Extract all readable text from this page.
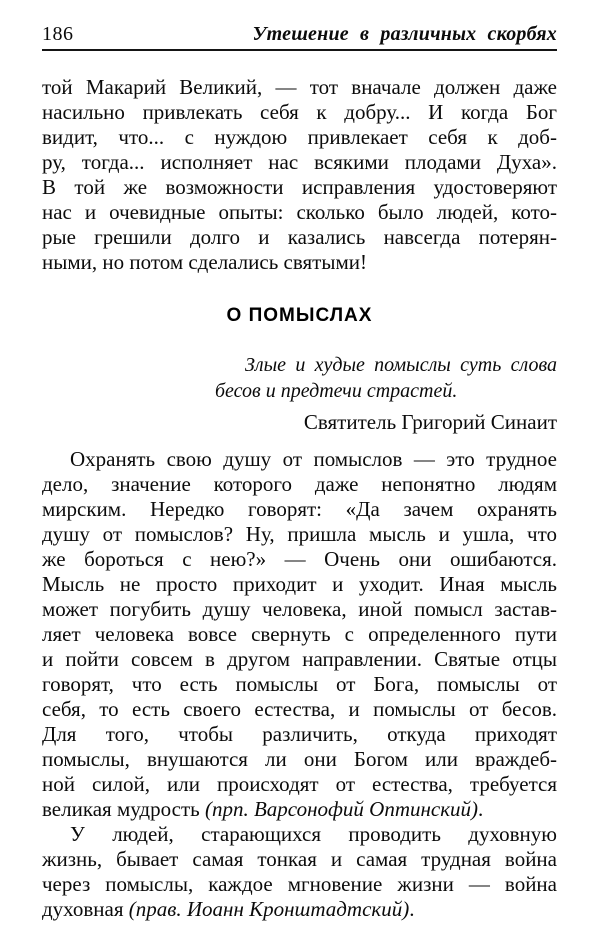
186	Утешение в различных скорбях
той Макарий Великий, — тот вначале должен даже
насильно привлекать себя к добру... И когда Бог
видит, что... с нуждою привлекает себя к доб-
ру, тогда... исполняет нас всякими плодами Духа».
В той же возможности исправления удостоверяют
нас и очевидные опыты: сколько было людей, кото-
рые грешили долго и казались навсегда потерян-
ными, но потом сделались святыми!
О ПОМЫСЛАХ
Злые и худые помыслы суть слова
бесов и предтечи страстей.
Святитель Григорий Синаит
Охранять свою душу от помыслов — это трудное
дело, значение которого даже непонятно людям
мирским. Нередко говорят: «Да зачем охранять
душу от помыслов? Ну, пришла мысль и ушла, что
же бороться с нею?» — Очень они ошибаются.
Мысль не просто приходит и уходит. Иная мысль
может погубить душу человека, иной помысл застав-
ляет человека вовсе свернуть с определенного пути
и пойти совсем в другом направлении. Святые отцы
говорят, что есть помыслы от Бога, помыслы от
себя, то есть своего естества, и помыслы от бесов.
Для того, чтобы различить, откуда приходят
помыслы, внушаются ли они Богом или враждеб-
ной силой, или происходят от естества, требуется
великая мудрость (прп. Варсонофий Оптинский).
У людей, старающихся проводить духовную
жизнь, бывает самая тонкая и самая трудная война
через помыслы, каждое мгновение жизни — война
духовная (прав. Иоанн Кронштадтский).
